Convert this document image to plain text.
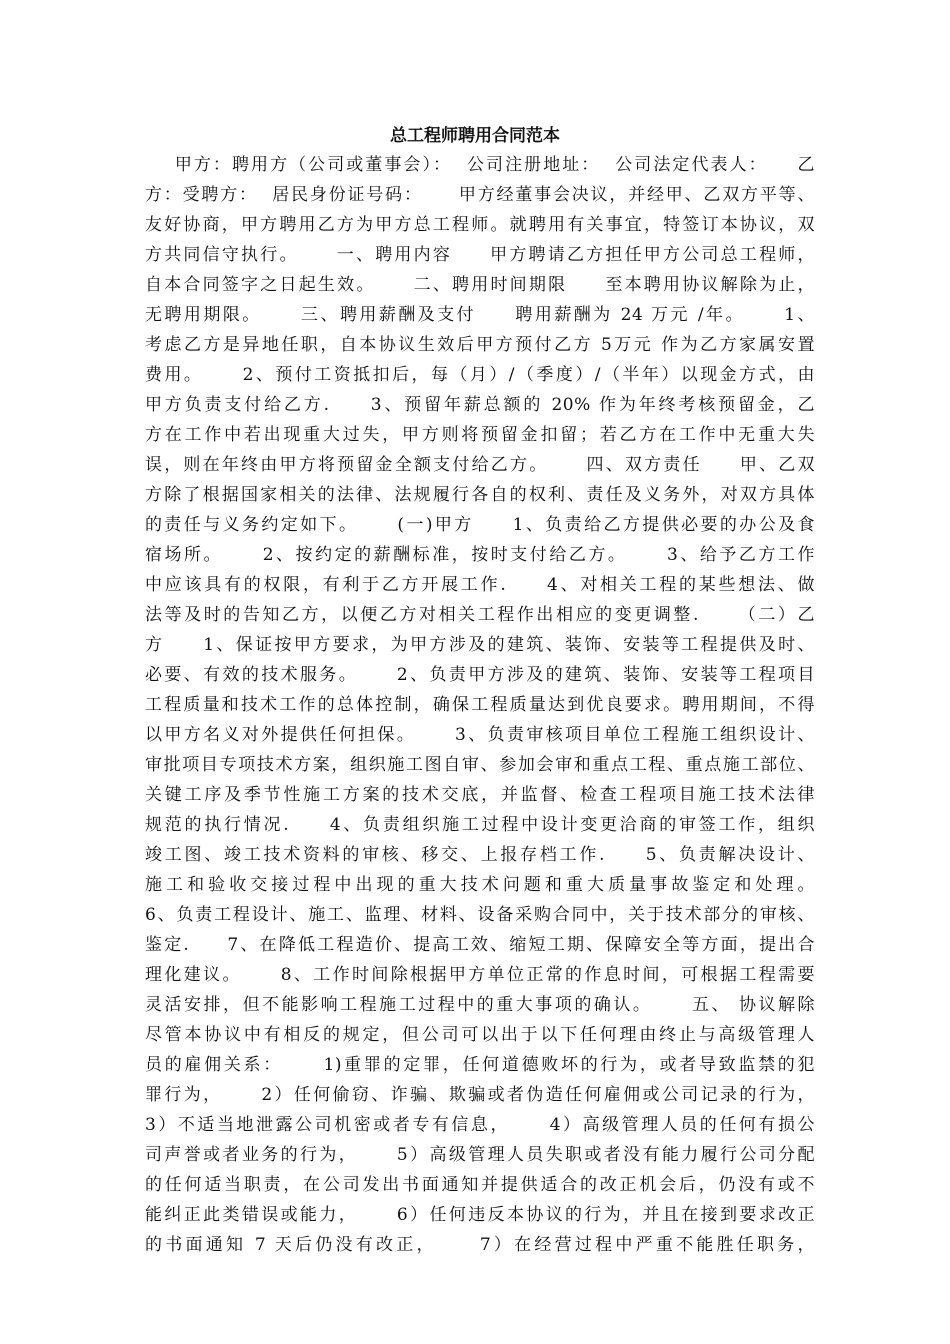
总工程师聘用合同范本
甲方：聘用方（公司或董事会）：  公司注册地址：  公司法定代表人：    乙
方：受聘方：  居民身份证号码：     甲方经董事会决议，并经甲、乙双方平等、
友好协商，甲方聘用乙方为甲方总工程师。就聘用有关事宜，特签订本协议，双
方共同信守执行。     一、聘用内容     甲方聘请乙方担任甲方公司总工程师，
自本合同签字之日起生效。     二、聘用时间期限     至本聘用协议解除为止，
无聘用期限。     三、聘用薪酬及支付     聘用薪酬为 24 万元 /年。     1、
考虑乙方是异地任职，自本协议生效后甲方预付乙方 5万元 作为乙方家属安置
费用。     2、预付工资抵扣后，每（月）/（季度）/（半年）以现金方式，由
甲方负责支付给乙方.     3、预留年薪总额的 20% 作为年终考核预留金，乙
方在工作中若出现重大过失，甲方则将预留金扣留；若乙方在工作中无重大失
误，则在年终由甲方将预留金全额支付给乙方。     四、双方责任     甲、乙双
方除了根据国家相关的法律、法规履行各自的权利、责任及义务外，对双方具体
的责任与义务约定如下。     (一)甲方     1、负责给乙方提供必要的办公及食
宿场所。     2、按约定的薪酬标准，按时支付给乙方。     3、给予乙方工作
中应该具有的权限，有利于乙方开展工作.     4、对相关工程的某些想法、做
法等及时的告知乙方，以便乙方对相关工程作出相应的变更调整.     （二）乙
方     1、保证按甲方要求，为甲方涉及的建筑、装饰、安装等工程提供及时、
必要、有效的技术服务。     2、负责甲方涉及的建筑、装饰、安装等工程项目
工程质量和技术工作的总体控制，确保工程质量达到优良要求。聘用期间，不得
以甲方名义对外提供任何担保。     3、负责审核项目单位工程施工组织设计、
审批项目专项技术方案，组织施工图自审、参加会审和重点工程、重点施工部位、
关键工序及季节性施工方案的技术交底，并监督、检查工程项目施工技术法律
规范的执行情况.     4、负责组织施工过程中设计变更洽商的审签工作，组织
竣工图、竣工技术资料的审核、移交、上报存档工作.     5、负责解决设计、
施工和验收交接过程中出现的重大技术问题和重大质量事故鉴定和处理。
6、负责工程设计、施工、监理、材料、设备采购合同中，关于技术部分的审核、
鉴定.     7、在降低工程造价、提高工效、缩短工期、保障安全等方面，提出合
理化建议。     8、工作时间除根据甲方单位正常的作息时间，可根据工程需要
灵活安排，但不能影响工程施工过程中的重大事项的确认。     五、 协议解除
尽管本协议中有相反的规定，但公司可以出于以下任何理由终止与高级管理人
员的雇佣关系：     1)重罪的定罪，任何道德败坏的行为，或者导致监禁的犯
罪行为，     2）任何偷窃、诈骗、欺骗或者伪造任何雇佣或公司记录的行为，
3）不适当地泄露公司机密或者专有信息，     4）高级管理人员的任何有损公
司声誉或者业务的行为，     5）高级管理人员失职或者没有能力履行公司分配
的任何适当职责，在公司发出书面通知并提供适合的改正机会后，仍没有或不
能纠正此类错误或能力，     6）任何违反本协议的行为，并且在接到要求改正
的书面通知 7 天后仍没有改正，     7）在经营过程中严重不能胜任职务，
